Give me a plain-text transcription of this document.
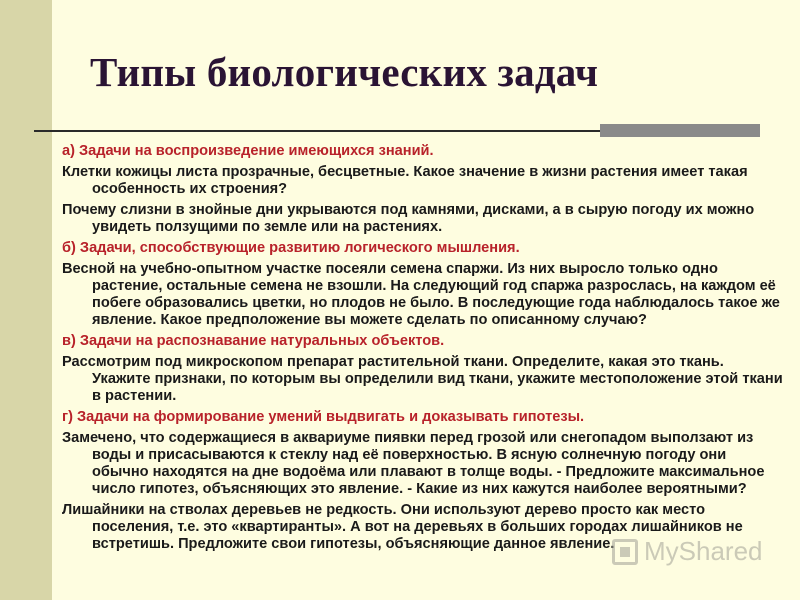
Типы биологических задач

а) Задачи на воспроизведение имеющихся знаний.

Клетки кожицы листа прозрачные, бесцветные. Какое значение в жизни растения имеет такая особенность их строения?

Почему слизни в знойные дни укрываются под камнями, дисками, а в сырую погоду их можно увидеть ползущими по земле или на растениях.

б) Задачи, способствующие развитию логического мышления.

Весной на учебно-опытном участке посеяли семена спаржи. Из них выросло только одно растение, остальные семена не взошли. На следующий год спаржа разрослась, на каждом её побеге образовались цветки, но плодов не было. В последующие года наблюдалось такое же явление. Какое предположение вы можете сделать по описанному случаю?

в) Задачи на распознавание натуральных объектов.

Рассмотрим под микроскопом препарат растительной ткани. Определите, какая это ткань. Укажите признаки, по которым вы определили вид ткани, укажите местоположение этой ткани в растении.

г) Задачи на формирование умений выдвигать и доказывать гипотезы.

Замечено, что содержащиеся в аквариуме пиявки перед грозой или снегопадом выползают из воды и присасываются к стеклу над её поверхностью. В ясную солнечную погоду они обычно находятся на дне водоёма или плавают в толще воды. - Предложите максимальное число гипотез, объясняющих это явление. - Какие из них кажутся наиболее вероятными?

Лишайники на стволах деревьев не редкость. Они используют дерево просто как место поселения, т.е. это «квартиранты». А вот на деревьях в больших городах лишайников не встретишь. Предложите свои гипотезы, объясняющие данное явление.	MyShared
